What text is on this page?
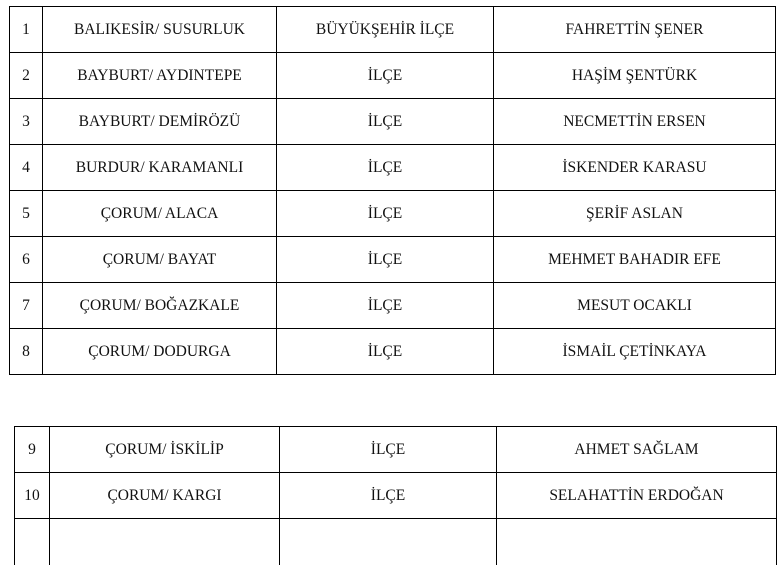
1	BALIKESİR/ SUSURLUK	BÜYÜKŞEHİR İLÇE	FAHRETTİN ŞENER
2	BAYBURT/ AYDINTEPE	İLÇE	HAŞİM ŞENTÜRK
3	BAYBURT/ DEMİRÖZÜ	İLÇE	NECMETTİN ERSEN
4	BURDUR/ KARAMANLI	İLÇE	İSKENDER KARASU
5	ÇORUM/ ALACA	İLÇE	ŞERİF ASLAN
6	ÇORUM/ BAYAT	İLÇE	MEHMET BAHADIR EFE
7	ÇORUM/ BOĞAZKALE	İLÇE	MESUT OCAKLI
8	ÇORUM/ DODURGA	İLÇE	İSMAİL ÇETİNKAYA
9	ÇORUM/ İSKİLİP	İLÇE	AHMET SAĞLAM
10	ÇORUM/ KARGI	İLÇE	SELAHATTİN ERDOĞAN
